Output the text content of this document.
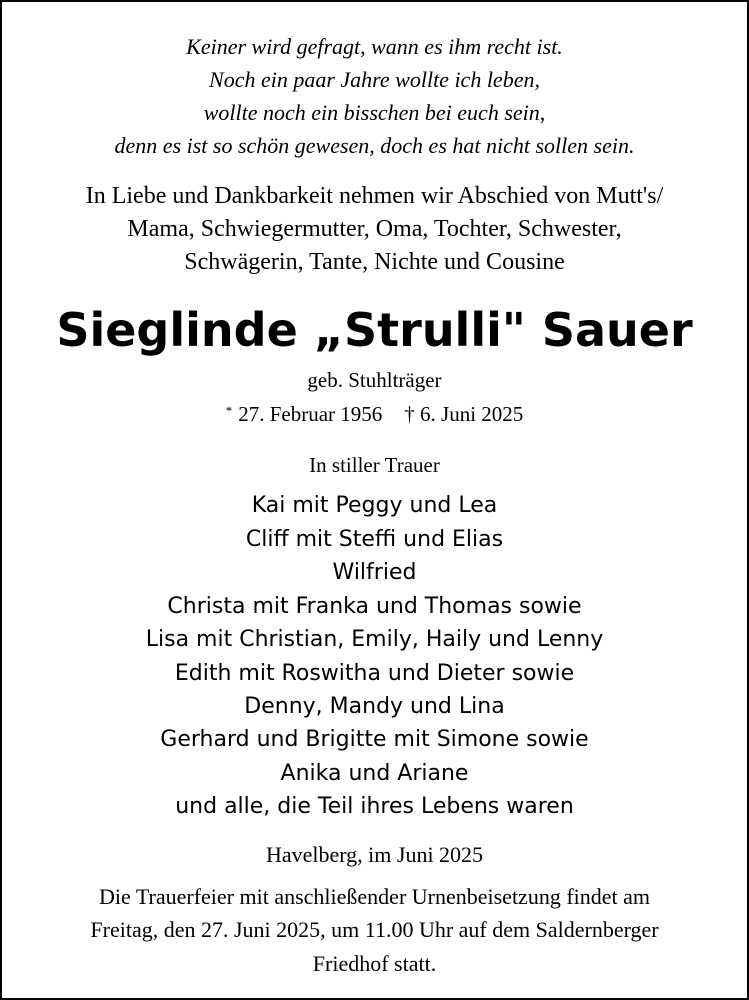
Keiner wird gefragt, wann es ihm recht ist.
Noch ein paar Jahre wollte ich leben,
wollte noch ein bisschen bei euch sein,
denn es ist so schön gewesen, doch es hat nicht sollen sein.
In Liebe und Dankbarkeit nehmen wir Abschied von Mutt's/
Mama, Schwiegermutter, Oma, Tochter, Schwester,
Schwägerin, Tante, Nichte und Cousine
Sieglinde „Strulli" Sauer
geb. Stuhlträger
* 27. Februar 1956 † 6. Juni 2025
In stiller Trauer
Kai mit Peggy und Lea
Cliff mit Steffi und Elias
Wilfried
Christa mit Franka und Thomas sowie
Lisa mit Christian, Emily, Haily und Lenny
Edith mit Roswitha und Dieter sowie
Denny, Mandy und Lina
Gerhard und Brigitte mit Simone sowie
Anika und Ariane
und alle, die Teil ihres Lebens waren
Havelberg, im Juni 2025
Die Trauerfeier mit anschließender Urnenbeisetzung findet am
Freitag, den 27. Juni 2025, um 11.00 Uhr auf dem Saldernberger
Friedhof statt.
